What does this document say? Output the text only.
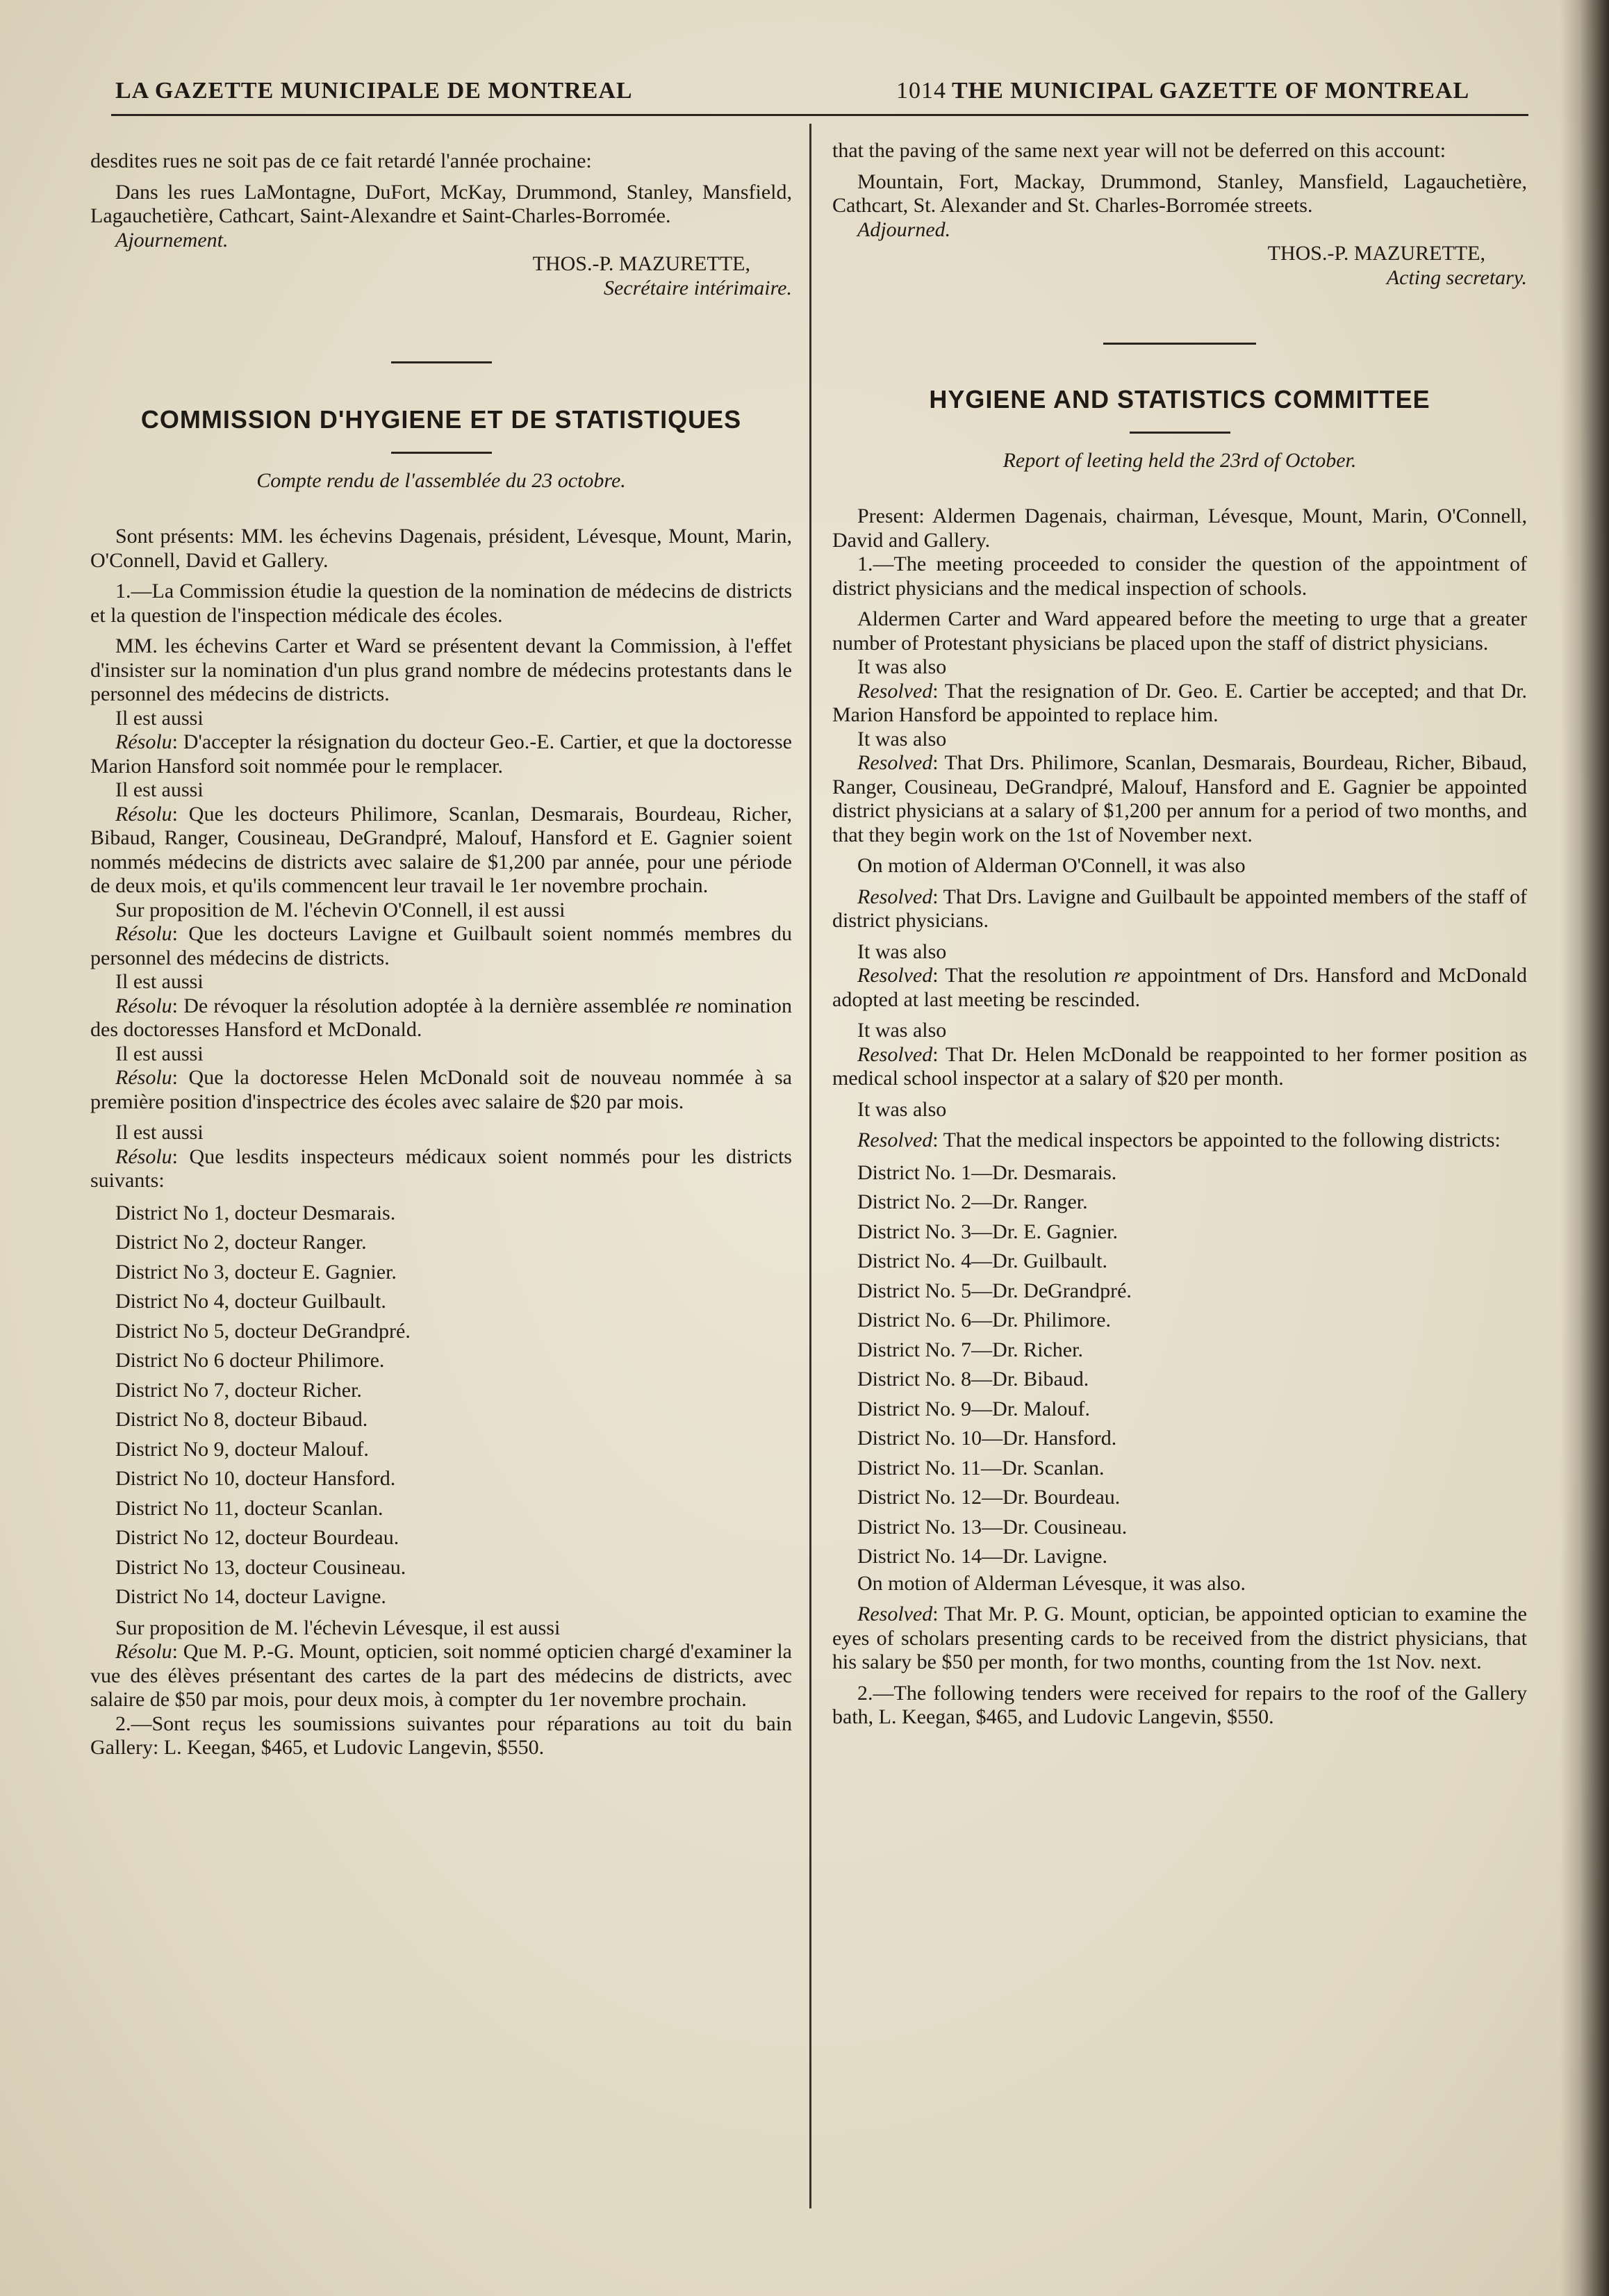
LA GAZETTE MUNICIPALE DE MONTREAL	1014 THE MUNICIPAL GAZETTE OF MONTREAL

desdites rues ne soit pas de ce fait retardé l'année prochaine:

Dans les rues LaMontagne, DuFort, McKay, Drummond, Stanley, Mansfield, Lagauchetière, Cathcart, Saint-Alexandre et Saint-Charles-Borromée.

Ajournement.

THOS.-P. MAZURETTE,

Secrétaire intérimaire.

COMMISSION D'HYGIENE ET DE STATISTIQUES

Compte rendu de l'assemblée du 23 octobre.

Sont présents: MM. les échevins Dagenais, président, Lévesque, Mount, Marin, O'Connell, David et Gallery.

1.—La Commission étudie la question de la nomination de médecins de districts et la question de l'inspection médicale des écoles.

MM. les échevins Carter et Ward se présentent devant la Commission, à l'effet d'insister sur la nomination d'un plus grand nombre de médecins protestants dans le personnel des médecins de districts.

Il est aussi

Résolu: D'accepter la résignation du docteur Geo.-E. Cartier, et que la doctoresse Marion Hansford soit nommée pour le remplacer.

Il est aussi

Résolu: Que les docteurs Philimore, Scanlan, Desmarais, Bourdeau, Richer, Bibaud, Ranger, Cousineau, DeGrandpré, Malouf, Hansford et E. Gagnier soient nommés médecins de districts avec salaire de $1,200 par année, pour une période de deux mois, et qu'ils commencent leur travail le 1er novembre prochain.

Sur proposition de M. l'échevin O'Connell, il est aussi

Résolu: Que les docteurs Lavigne et Guilbault soient nommés membres du personnel des médecins de districts.

Il est aussi

Résolu: De révoquer la résolution adoptée à la dernière assemblée re nomination des doctoresses Hansford et McDonald.

Il est aussi

Résolu: Que la doctoresse Helen McDonald soit de nouveau nommée à sa première position d'inspectrice des écoles avec salaire de $20 par mois.

Il est aussi

Résolu: Que lesdits inspecteurs médicaux soient nommés pour les districts suivants:

District No 1, docteur Desmarais.

District No 2, docteur Ranger.

District No 3, docteur E. Gagnier.

District No 4, docteur Guilbault.

District No 5, docteur DeGrandpré.

District No 6 docteur Philimore.

District No 7, docteur Richer.

District No 8, docteur Bibaud.

District No 9, docteur Malouf.

District No 10, docteur Hansford.

District No 11, docteur Scanlan.

District No 12, docteur Bourdeau.

District No 13, docteur Cousineau.

District No 14, docteur Lavigne.

Sur proposition de M. l'échevin Lévesque, il est aussi

Résolu: Que M. P.-G. Mount, opticien, soit nommé opticien chargé d'examiner la vue des élèves présentant des cartes de la part des médecins de districts, avec salaire de $50 par mois, pour deux mois, à compter du 1er novembre prochain.

2.—Sont reçus les soumissions suivantes pour réparations au toit du bain Gallery: L. Keegan, $465, et Ludovic Langevin, $550.

that the paving of the same next year will not be deferred on this account:

Mountain, Fort, Mackay, Drummond, Stanley, Mansfield, Lagauchetière, Cathcart, St. Alexander and St. Charles-Borromée streets.

Adjourned.

THOS.-P. MAZURETTE,

Acting secretary.

HYGIENE AND STATISTICS COMMITTEE

Report of leeting held the 23rd of October.

Present: Aldermen Dagenais, chairman, Lévesque, Mount, Marin, O'Connell, David and Gallery.

1.—The meeting proceeded to consider the question of the appointment of district physicians and the medical inspection of schools.

Aldermen Carter and Ward appeared before the meeting to urge that a greater number of Protestant physicians be placed upon the staff of district physicians.

It was also

Resolved: That the resignation of Dr. Geo. E. Cartier be accepted; and that Dr. Marion Hansford be appointed to replace him.

It was also

Resolved: That Drs. Philimore, Scanlan, Desmarais, Bourdeau, Richer, Bibaud, Ranger, Cousineau, DeGrandpré, Malouf, Hansford and E. Gagnier be appointed district physicians at a salary of $1,200 per annum for a period of two months, and that they begin work on the 1st of November next.

On motion of Alderman O'Connell, it was also

Resolved: That Drs. Lavigne and Guilbault be appointed members of the staff of district physicians.

It was also

Resolved: That the resolution re appointment of Drs. Hansford and McDonald adopted at last meeting be rescinded.

It was also

Resolved: That Dr. Helen McDonald be reappointed to her former position as medical school inspector at a salary of $20 per month.

It was also

Resolved: That the medical inspectors be appointed to the following districts:

District No. 1—Dr. Desmarais.

District No. 2—Dr. Ranger.

District No. 3—Dr. E. Gagnier.

District No. 4—Dr. Guilbault.

District No. 5—Dr. DeGrandpré.

District No. 6—Dr. Philimore.

District No. 7—Dr. Richer.

District No. 8—Dr. Bibaud.

District No. 9—Dr. Malouf.

District No. 10—Dr. Hansford.

District No. 11—Dr. Scanlan.

District No. 12—Dr. Bourdeau.

District No. 13—Dr. Cousineau.

District No. 14—Dr. Lavigne.

On motion of Alderman Lévesque, it was also.

Resolved: That Mr. P. G. Mount, optician, be appointed optician to examine the eyes of scholars presenting cards to be received from the district physicians, that his salary be $50 per month, for two months, counting from the 1st Nov. next.

2.—The following tenders were received for repairs to the roof of the Gallery bath, L. Keegan, $465, and Ludovic Langevin, $550.
